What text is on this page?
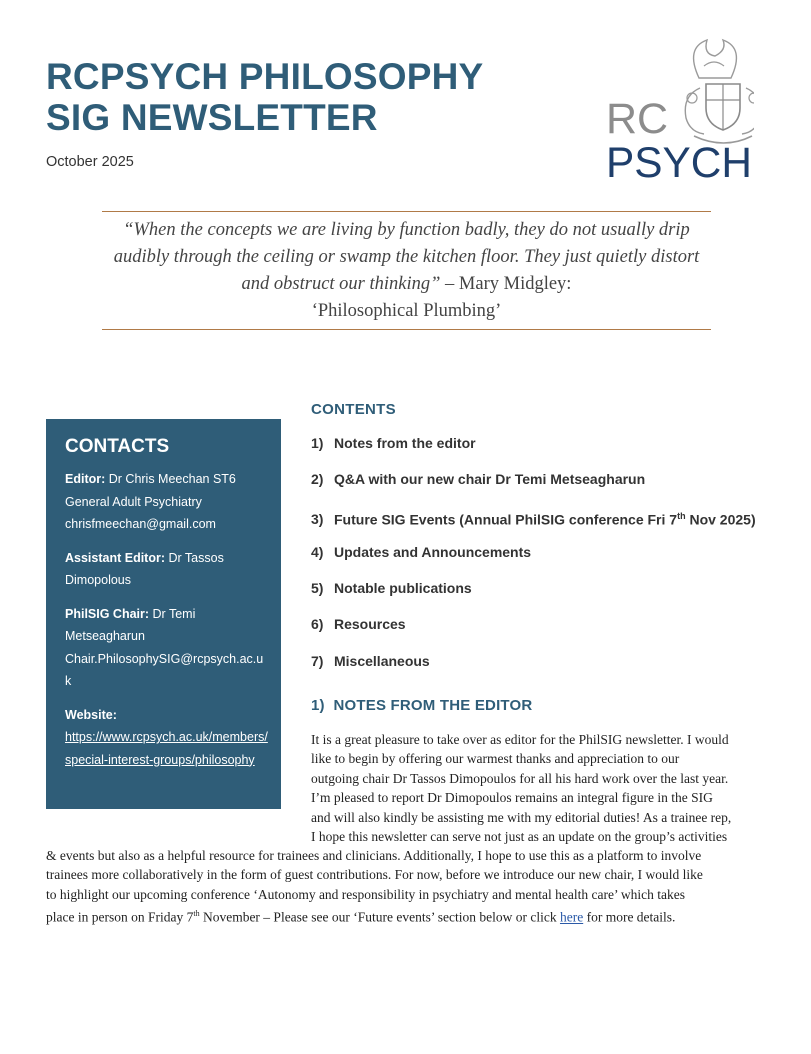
RCPSYCH PHILOSOPHY
SIG NEWSLETTER
October 2025
RC
PSYCH
“When the concepts we are living by function badly, they do not usually drip audibly through the ceiling or swamp the kitchen floor. They just quietly distort and obstruct our thinking” – Mary Midgley:
‘Philosophical Plumbing’
CONTACTS
Editor: Dr Chris Meechan ST6
General Adult Psychiatry
chrisfmeechan@gmail.com
Assistant Editor: Dr Tassos
Dimopolous
PhilSIG Chair: Dr Temi
Metseagharun
Chair.PhilosophySIG@rcpsych.ac.u
k
Website:
https://www.rcpsych.ac.uk/members/
special-interest-groups/philosophy
CONTENTS
1) Notes from the editor
2) Q&A with our new chair Dr Temi Metseagharun
3) Future SIG Events (Annual PhilSIG conference Fri 7th Nov 2025)
4) Updates and Announcements
5) Notable publications
6) Resources
7) Miscellaneous
1) NOTES FROM THE EDITOR
It is a great pleasure to take over as editor for the PhilSIG newsletter. I would
like to begin by offering our warmest thanks and appreciation to our
outgoing chair Dr Tassos Dimopoulos for all his hard work over the last year.
I’m pleased to report Dr Dimopoulos remains an integral figure in the SIG
and will also kindly be assisting me with my editorial duties! As a trainee rep,
I hope this newsletter can serve not just as an update on the group’s activities
& events but also as a helpful resource for trainees and clinicians. Additionally, I hope to use this as a platform to involve
trainees more collaboratively in the form of guest contributions. For now, before we introduce our new chair, I would like
to highlight our upcoming conference ‘Autonomy and responsibility in psychiatry and mental health care’ which takes
place in person on Friday 7th November – Please see our ‘Future events’ section below or click here for more details.
